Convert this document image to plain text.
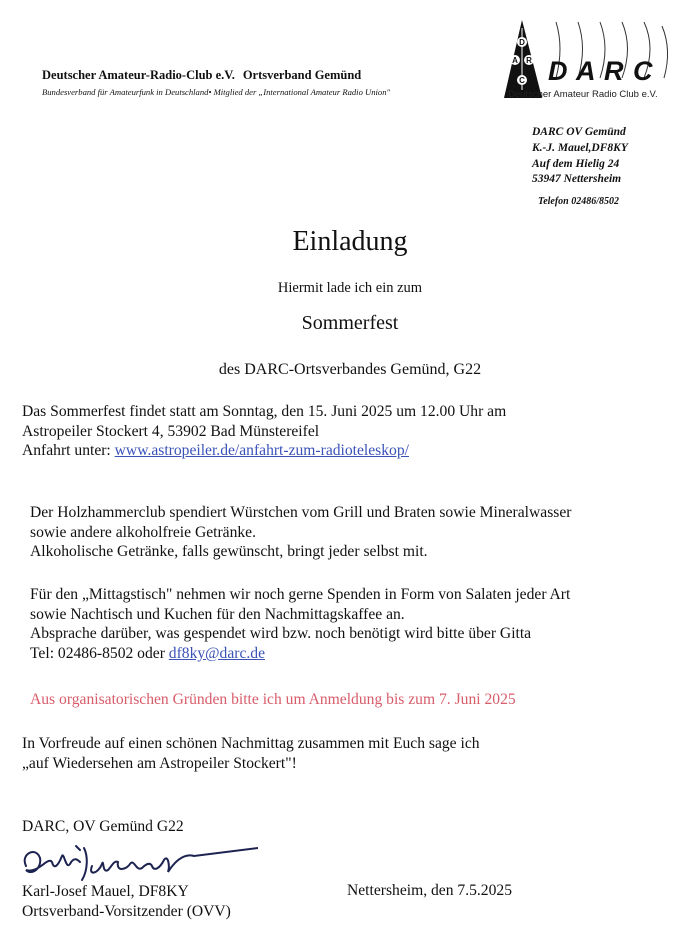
Deutscher Amateur-Radio-Club e.V. Ortsverband Gemünd
Bundesverband für Amateurfunk in Deutschland• Mitglied der „International Amateur Radio Union"
D
A R
C D A R C
Deutscher Amateur Radio Club e.V.
DARC OV Gemünd
K.-J. Mauel,DF8KY
Auf dem Hielig 24
53947 Nettersheim
Telefon 02486/8502
Einladung
Hiermit lade ich ein zum
Sommerfest
des DARC-Ortsverbandes Gemünd, G22
Das Sommerfest findet statt am Sonntag, den 15. Juni 2025 um 12.00 Uhr am
Astropeiler Stockert 4, 53902 Bad Münstereifel
Anfahrt unter: www.astropeiler.de/anfahrt-zum-radioteleskop/
Der Holzhammerclub spendiert Würstchen vom Grill und Braten sowie Mineralwasser
sowie andere alkoholfreie Getränke.
Alkoholische Getränke, falls gewünscht, bringt jeder selbst mit.
Für den „Mittagstisch" nehmen wir noch gerne Spenden in Form von Salaten jeder Art
sowie Nachtisch und Kuchen für den Nachmittagskaffee an.
Absprache darüber, was gespendet wird bzw. noch benötigt wird bitte über Gitta
Tel: 02486-8502 oder df8ky@darc.de
Aus organisatorischen Gründen bitte ich um Anmeldung bis zum 7. Juni 2025
In Vorfreude auf einen schönen Nachmittag zusammen mit Euch sage ich
„auf Wiedersehen am Astropeiler Stockert"!
DARC, OV Gemünd G22
Karl-Josef Mauel, DF8KY
Ortsverband-Vorsitzender (OVV)
Nettersheim, den 7.5.2025
